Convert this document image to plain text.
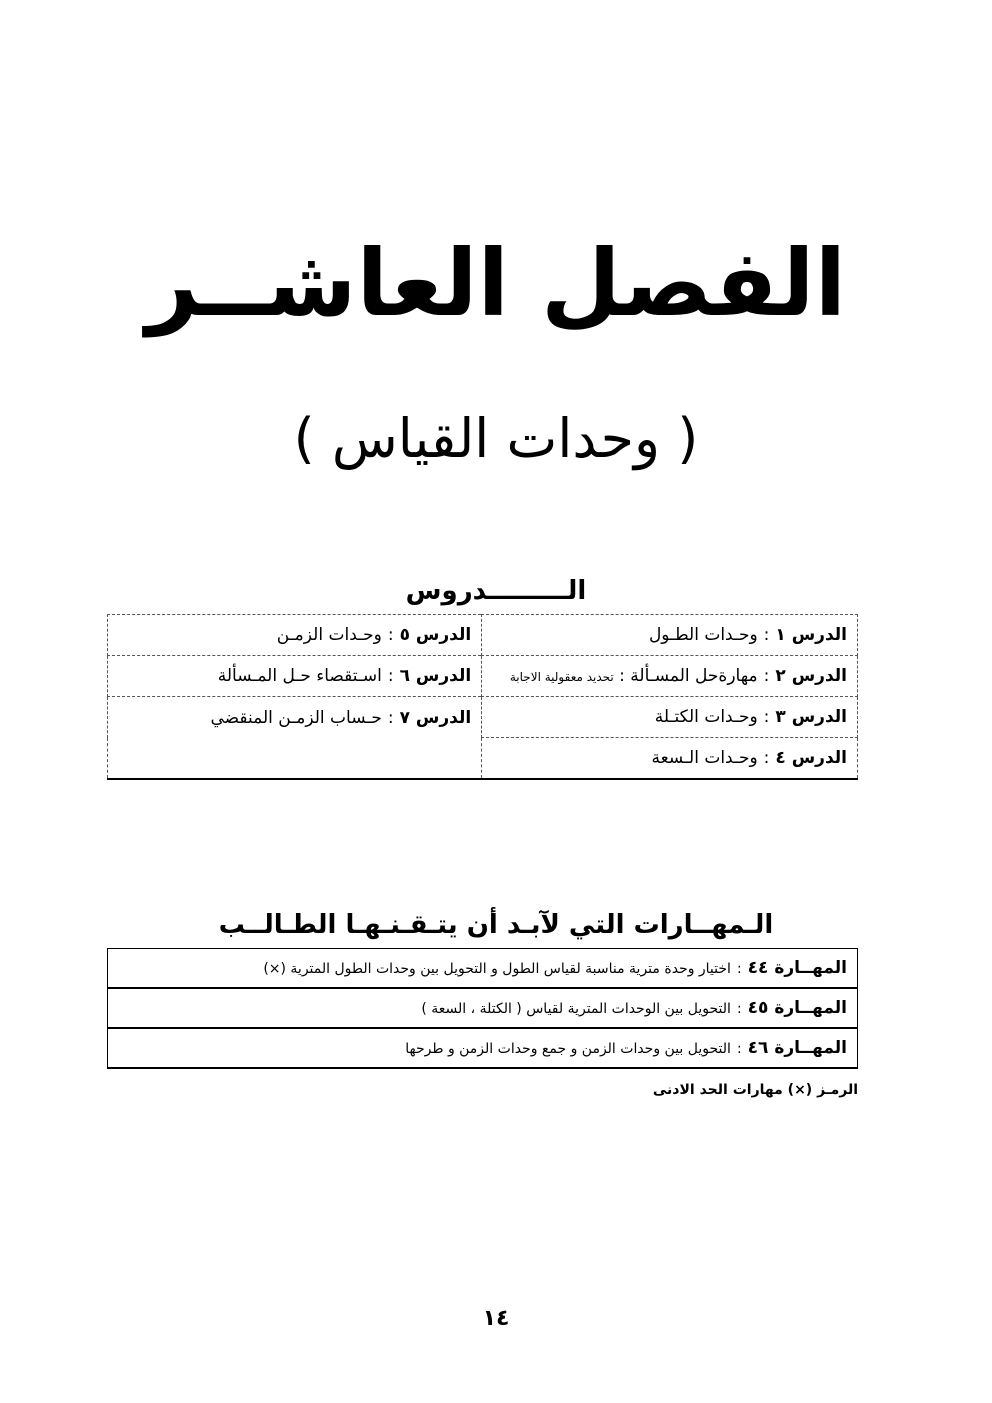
الفصل العاشــر
( وحدات القياس )
الـــــــــدروس
الدرس ١:وحـدات الطـول	الدرس ٥:وحـدات الزمـن
الدرس ٢:مهارةحل المسـألة : تحديد معقولية الاجابة	الدرس ٦:اسـتقصاء حـل المـسألة
الدرس ٣:وحـدات الكتـلة	الدرس ٧:حـساب الزمـن المنقضي
الدرس ٤:وحـدات الـسعة	
الـمهــارات التي لآبـد أن يتـقـنـهـا الطـالــب
المهــارة ٤٤:اختيار وحدة مترية مناسبة لقياس الطول و التحويل بين وحدات الطول المترية (×)
المهــارة ٤٥:التحويل بين الوحدات المترية لقياس ( الكتلة ، السعة )
المهــارة ٤٦:التحويل بين وحدات الزمن و جمع وحدات الزمن و طرحها
الرمـز (×) مهارات الحد الادنى
١٤
